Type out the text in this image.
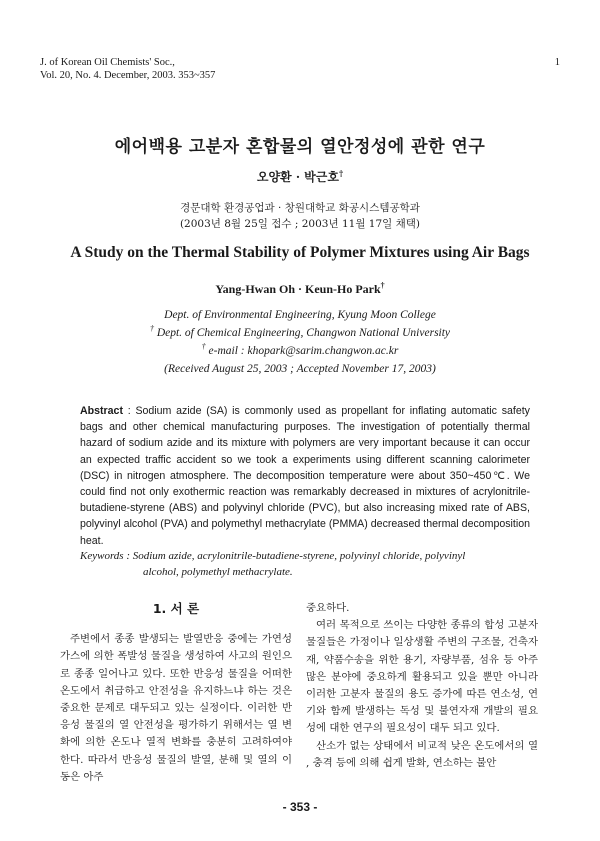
J. of Korean Oil Chemists' Soc.,
Vol. 20, No. 4. December, 2003. 353~357
1
에어백용 고분자 혼합물의 열안정성에 관한 연구
오양환 · 박근호†
경문대학 환경공업과 · 창원대학교 화공시스템공학과
(2003년 8월 25일 접수 ; 2003년 11월 17일 채택)
A Study on the Thermal Stability of Polymer Mixtures using Air Bags
Yang-Hwan Oh · Keun-Ho Park†
Dept. of Environmental Engineering, Kyung Moon College
† Dept. of Chemical Engineering, Changwon National University
† e-mail : khopark@sarim.changwon.ac.kr
(Received August 25, 2003 ; Accepted November 17, 2003)
Abstract : Sodium azide (SA) is commonly used as propellant for inflating automatic safety bags and other chemical manufacturing purposes. The investigation of potentially thermal hazard of sodium azide and its mixture with polymers are very important because it can occur an expected traffic accident so we took a experiments using different scanning calorimeter (DSC) in nitrogen atmosphere. The decomposition temperature were about 350~450℃. We could find not only exothermic reaction was remarkably decreased in mixtures of acrylonitrile-butadiene-styrene (ABS) and polyvinyl chloride (PVC), but also increasing mixed rate of ABS, polyvinyl alcohol (PVA) and polymethyl methacrylate (PMMA) decreased thermal decomposition heat.
Keywords : Sodium azide, acrylonitrile-butadiene-styrene, polyvinyl chloride, polyvinyl
alcohol, polymethyl methacrylate.
1. 서 론

주변에서 종종 발생되는 발열반응 중에는 가연성 가스에 의한 폭발성 물질을 생성하여 사고의 원인으로 종종 일어나고 있다. 또한 반응성 물질을 어떠한 온도에서 취급하고 안전성을 유지하느냐 하는 것은 중요한 문제로 대두되고 있는 실정이다. 이러한 반응성 물질의 열 안전성을 평가하기 위해서는 열 변화에 의한 온도나 열적 변화를 충분히 고려하여야 한다. 따라서 반응성 물질의 발열, 분해 및 열의 이동은 아주

중요하다.

여러 목적으로 쓰이는 다양한 종류의 합성 고분자 물질들은 가정이나 일상생활 주변의 구조물, 건축자재, 약품수송을 위한 용기, 자량부품, 섬유 등 아주 많은 분야에 중요하게 활용되고 있을 뿐만 아니라 이러한 고분자 물질의 용도 증가에 따른 연소성, 연기와 함께 발생하는 독성 및 불연자재 개발의 필요성에 대한 연구의 필요성이 대두 되고 있다.

산소가 없는 상태에서 비교적 낮은 온도에서의 열 , 충격 등에 의해 쉽게 발화, 연소하는 불안

- 353 -
